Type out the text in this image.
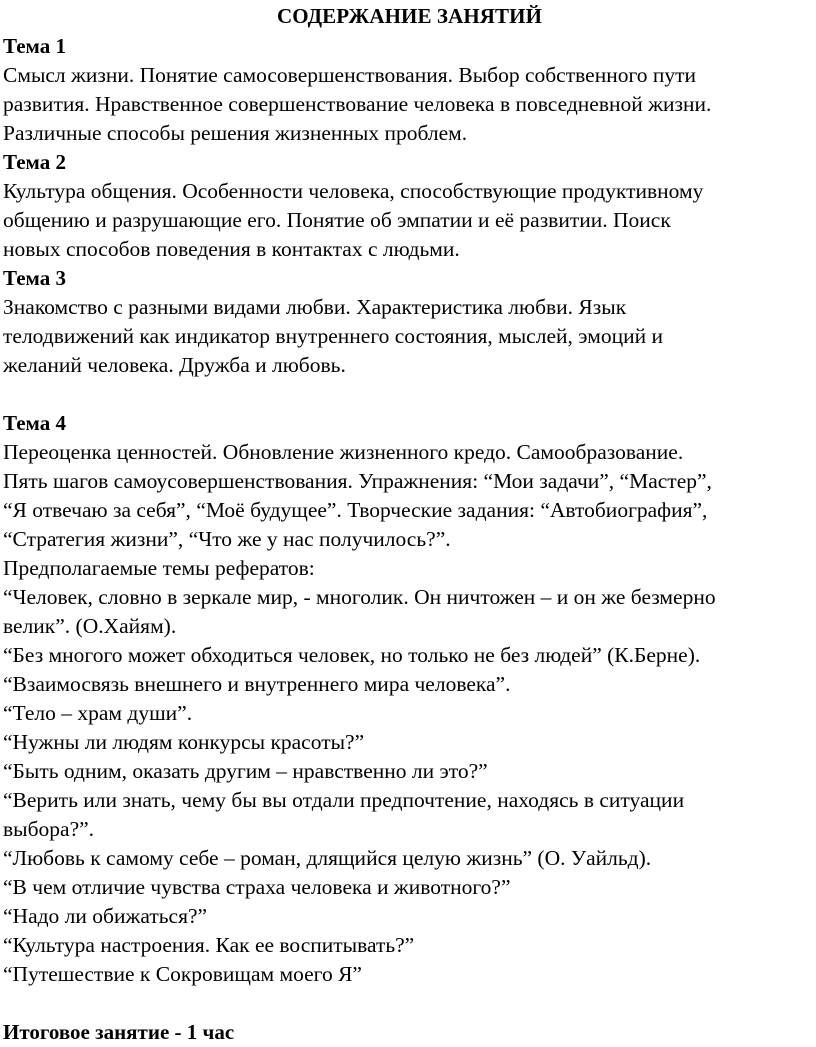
СОДЕРЖАНИЕ ЗАНЯТИЙ
Тема 1
Смысл жизни. Понятие самосовершенствования. Выбор собственного пути
развития. Нравственное совершенствование человека в повседневной жизни.
Различные способы решения жизненных проблем.
Тема 2
Культура общения. Особенности человека, способствующие продуктивному
общению и разрушающие его. Понятие об эмпатии и её развитии. Поиск
новых способов поведения в контактах с людьми.
Тема 3
Знакомство с разными видами любви. Характеристика любви. Язык
телодвижений как индикатор внутреннего состояния, мыслей, эмоций и
желаний человека. Дружба и любовь.
Тема 4
Переоценка ценностей. Обновление жизненного кредо. Самообразование.
Пять шагов самоусовершенствования. Упражнения: “Мои задачи”, “Мастер”,
“Я отвечаю за себя”, “Моё будущее”. Творческие задания: “Автобиография”,
“Стратегия жизни”, “Что же у нас получилось?”.
Предполагаемые темы рефератов:
“Человек, словно в зеркале мир, - многолик. Он ничтожен – и он же безмерно
велик”. (О.Хайям).
“Без многого может обходиться человек, но только не без людей” (К.Берне).
“Взаимосвязь внешнего и внутреннего мира человека”.
“Тело – храм души”.
“Нужны ли людям конкурсы красоты?”
“Быть одним, оказать другим – нравственно ли это?”
“Верить или знать, чему бы вы отдали предпочтение, находясь в ситуации
выбора?”.
“Любовь к самому себе – роман, длящийся целую жизнь” (О. Уайльд).
“В чем отличие чувства страха человека и животного?”
“Надо ли обижаться?”
“Культура настроения. Как ее воспитывать?”
“Путешествие к Сокровищам моего Я”
Итоговое занятие - 1 час
